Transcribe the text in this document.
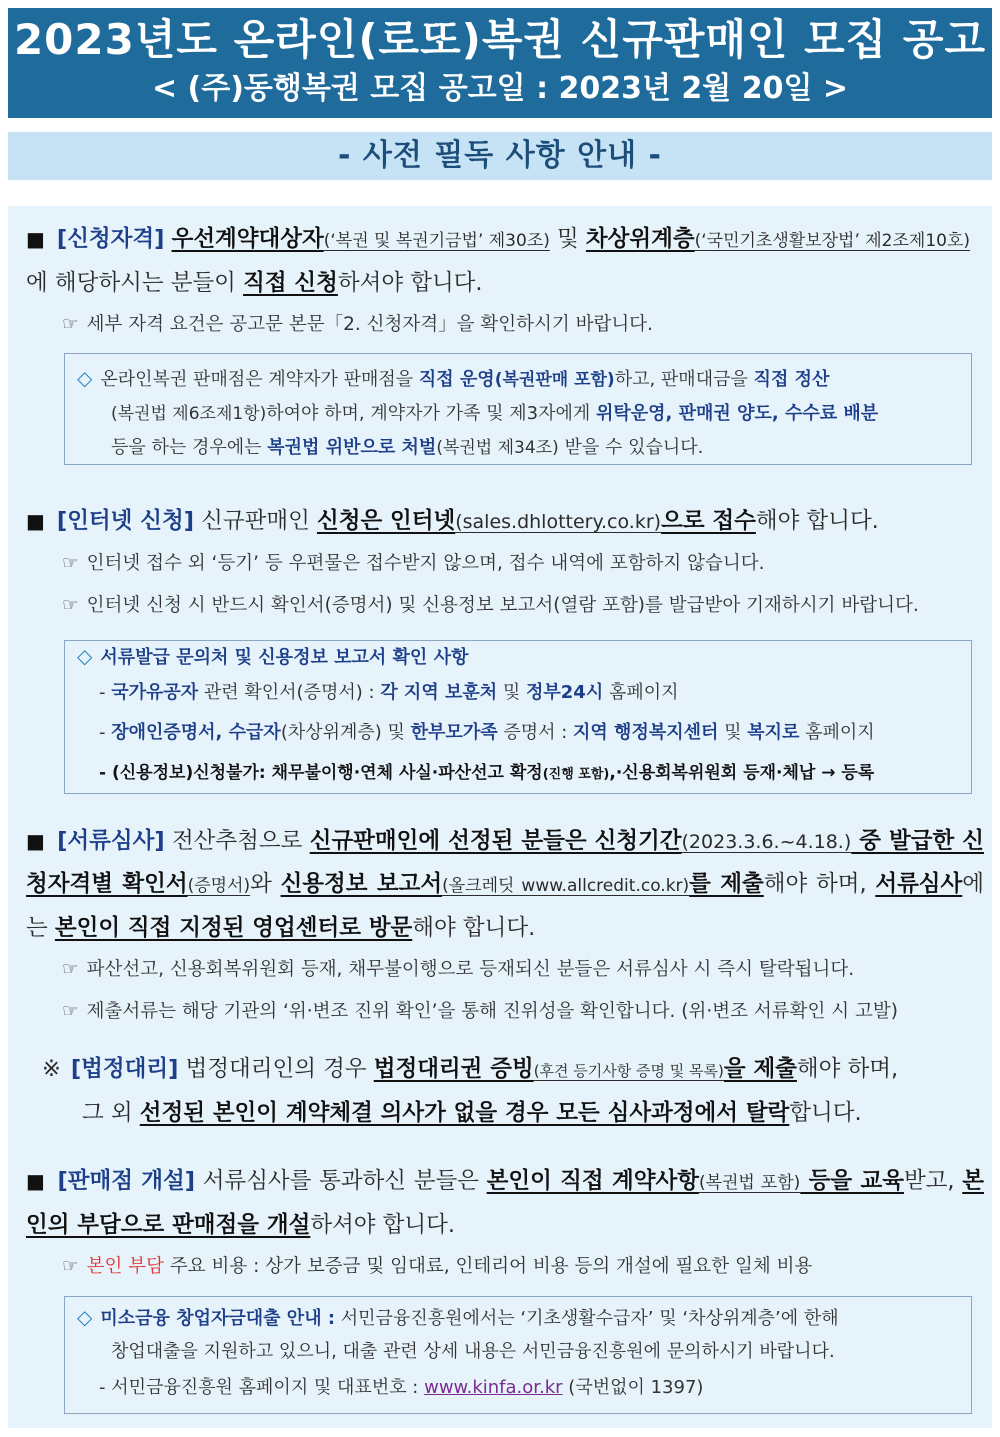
2023년도 온라인(로또)복권 신규판매인 모집 공고
< (주)동행복권 모집 공고일 : 2023년 2월 20일 >
- 사전 필독 사항 안내 -
■ [신청자격] 우선계약대상자(‘복권 및 복권기금법’ 제30조) 및 차상위계층(‘국민기초생활보장법’ 제2조제10호)에 해당하시는 분들이 직접 신청하셔야 합니다.
☞ 세부 자격 요건은 공고문 본문「2. 신청자격」을 확인하시기 바랍니다.
◇ 온라인복권 판매점은 계약자가 판매점을 직접 운영(복권판매 포함)하고, 판매대금을 직접 정산
(복권법 제6조제1항)하여야 하며, 계약자가 가족 및 제3자에게 위탁운영, 판매권 양도, 수수료 배분
등을 하는 경우에는 복권법 위반으로 처벌(복권법 제34조) 받을 수 있습니다.
■ [인터넷 신청] 신규판매인 신청은 인터넷(sales.dhlottery.co.kr)으로 접수해야 합니다.
☞ 인터넷 접수 외 ‘등기’ 등 우편물은 접수받지 않으며, 접수 내역에 포함하지 않습니다.
☞ 인터넷 신청 시 반드시 확인서(증명서) 및 신용정보 보고서(열람 포함)를 발급받아 기재하시기 바랍니다.
◇ 서류발급 문의처 및 신용정보 보고서 확인 사항
- 국가유공자 관련 확인서(증명서) : 각 지역 보훈처 및 정부24시 홈페이지
- 장애인증명서, 수급자(차상위계층) 및 한부모가족 증명서 : 지역 행정복지센터 및 복지로 홈페이지
- (신용정보)신청불가: 채무불이행·연체 사실·파산선고 확정(진행 포함),·신용회복위원회 등재·체납 → 등록
■ [서류심사] 전산추첨으로 신규판매인에 선정된 분들은 신청기간(2023.3.6.~4.18.) 중 발급한 신청자격별 확인서(증명서)와 신용정보 보고서(올크레딧 www.allcredit.co.kr)를 제출해야 하며, 서류심사에는 본인이 직접 지정된 영업센터로 방문해야 합니다.
☞ 파산선고, 신용회복위원회 등재, 채무불이행으로 등재되신 분들은 서류심사 시 즉시 탈락됩니다.
☞ 제출서류는 해당 기관의 ‘위·변조 진위 확인’을 통해 진위성을 확인합니다. (위·변조 서류확인 시 고발)
※ [법정대리] 법정대리인의 경우 법정대리권 증빙(후견 등기사항 증명 및 목록)을 제출해야 하며,
그 외 선정된 본인이 계약체결 의사가 없을 경우 모든 심사과정에서 탈락합니다.
■ [판매점 개설] 서류심사를 통과하신 분들은 본인이 직접 계약사항(복권법 포함) 등을 교육받고, 본인의 부담으로 판매점을 개설하셔야 합니다.
☞ 본인 부담 주요 비용 : 상가 보증금 및 임대료, 인테리어 비용 등의 개설에 필요한 일체 비용
◇ 미소금융 창업자금대출 안내 : 서민금융진흥원에서는 ‘기초생활수급자’ 및 ‘차상위계층’에 한해
창업대출을 지원하고 있으니, 대출 관련 상세 내용은 서민금융진흥원에 문의하시기 바랍니다.
- 서민금융진흥원 홈페이지 및 대표번호 : www.kinfa.or.kr (국번없이 1397)
